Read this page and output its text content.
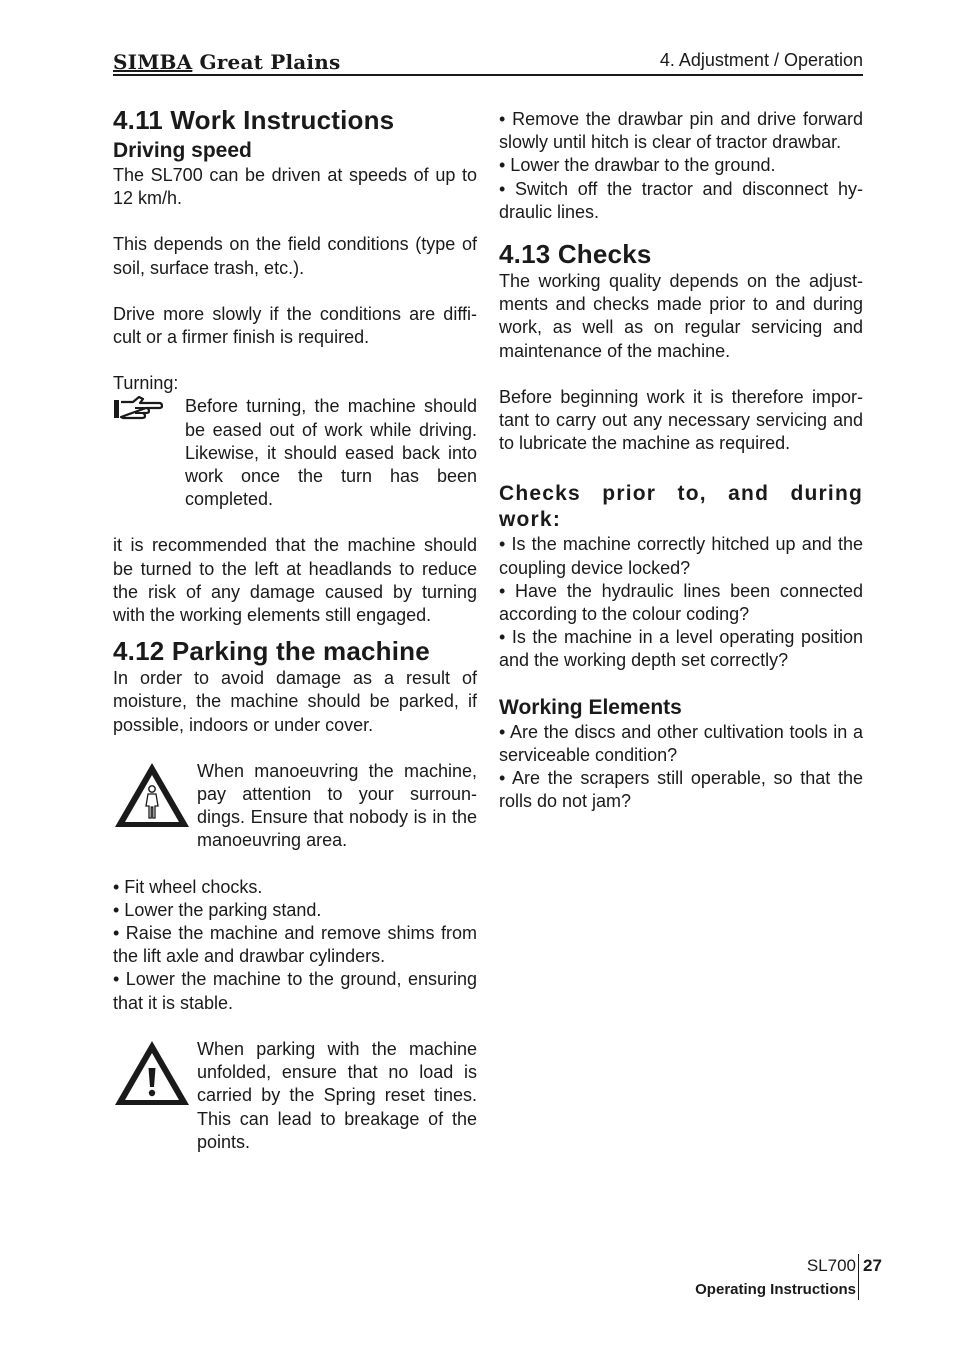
SIMBA Great Plains	4. Adjustment / Operation
4.11 Work Instructions
Driving speed

The SL700 can be driven at speeds of up to 12 km/h.

This depends on the field conditions (type of soil, surface trash, etc.).

Drive more slowly if the conditions are diffi-cult or a firmer finish is required.

Turning:

Before turning, the machine should be eased out of work while driving. Likewise, it should eased back into work once the turn has been completed.

it is recommended that the machine should be turned to the left at headlands to reduce the risk of any damage caused by turning with the working elements still engaged.

4.12 Parking the machine

In order to avoid damage as a result of moisture, the machine should be parked, if possible, indoors or under cover.

When manoeuvring the machine, pay attention to your surroun-dings. Ensure that nobody is in the manoeuvring area.

• Fit wheel chocks.

• Lower the parking stand.

• Raise the machine and remove shims from the lift axle and drawbar cylinders.

• Lower the machine to the ground, ensuring that it is stable.

When parking with the machine unfolded, ensure that no load is carried by the Spring reset tines. This can lead to breakage of the points.

• Remove the drawbar pin and drive forward slowly until hitch is clear of tractor drawbar.

• Lower the drawbar to the ground.

• Switch off the tractor and disconnect hy-draulic lines.

4.13 Checks

The working quality depends on the adjust-ments and checks made prior to and during work, as well as on regular servicing and maintenance of the machine.

Before beginning work it is therefore impor-tant to carry out any necessary servicing and to lubricate the machine as required.

Checks prior to, and during work:

• Is the machine correctly hitched up and the coupling device locked?

• Have the hydraulic lines been connected according to the colour coding?

• Is the machine in a level operating position and the working depth set correctly?

Working Elements

• Are the discs and other cultivation tools in a serviceable condition?

• Are the scrapers still operable, so that the rolls do not jam?

SL700 27
Operating Instructions
